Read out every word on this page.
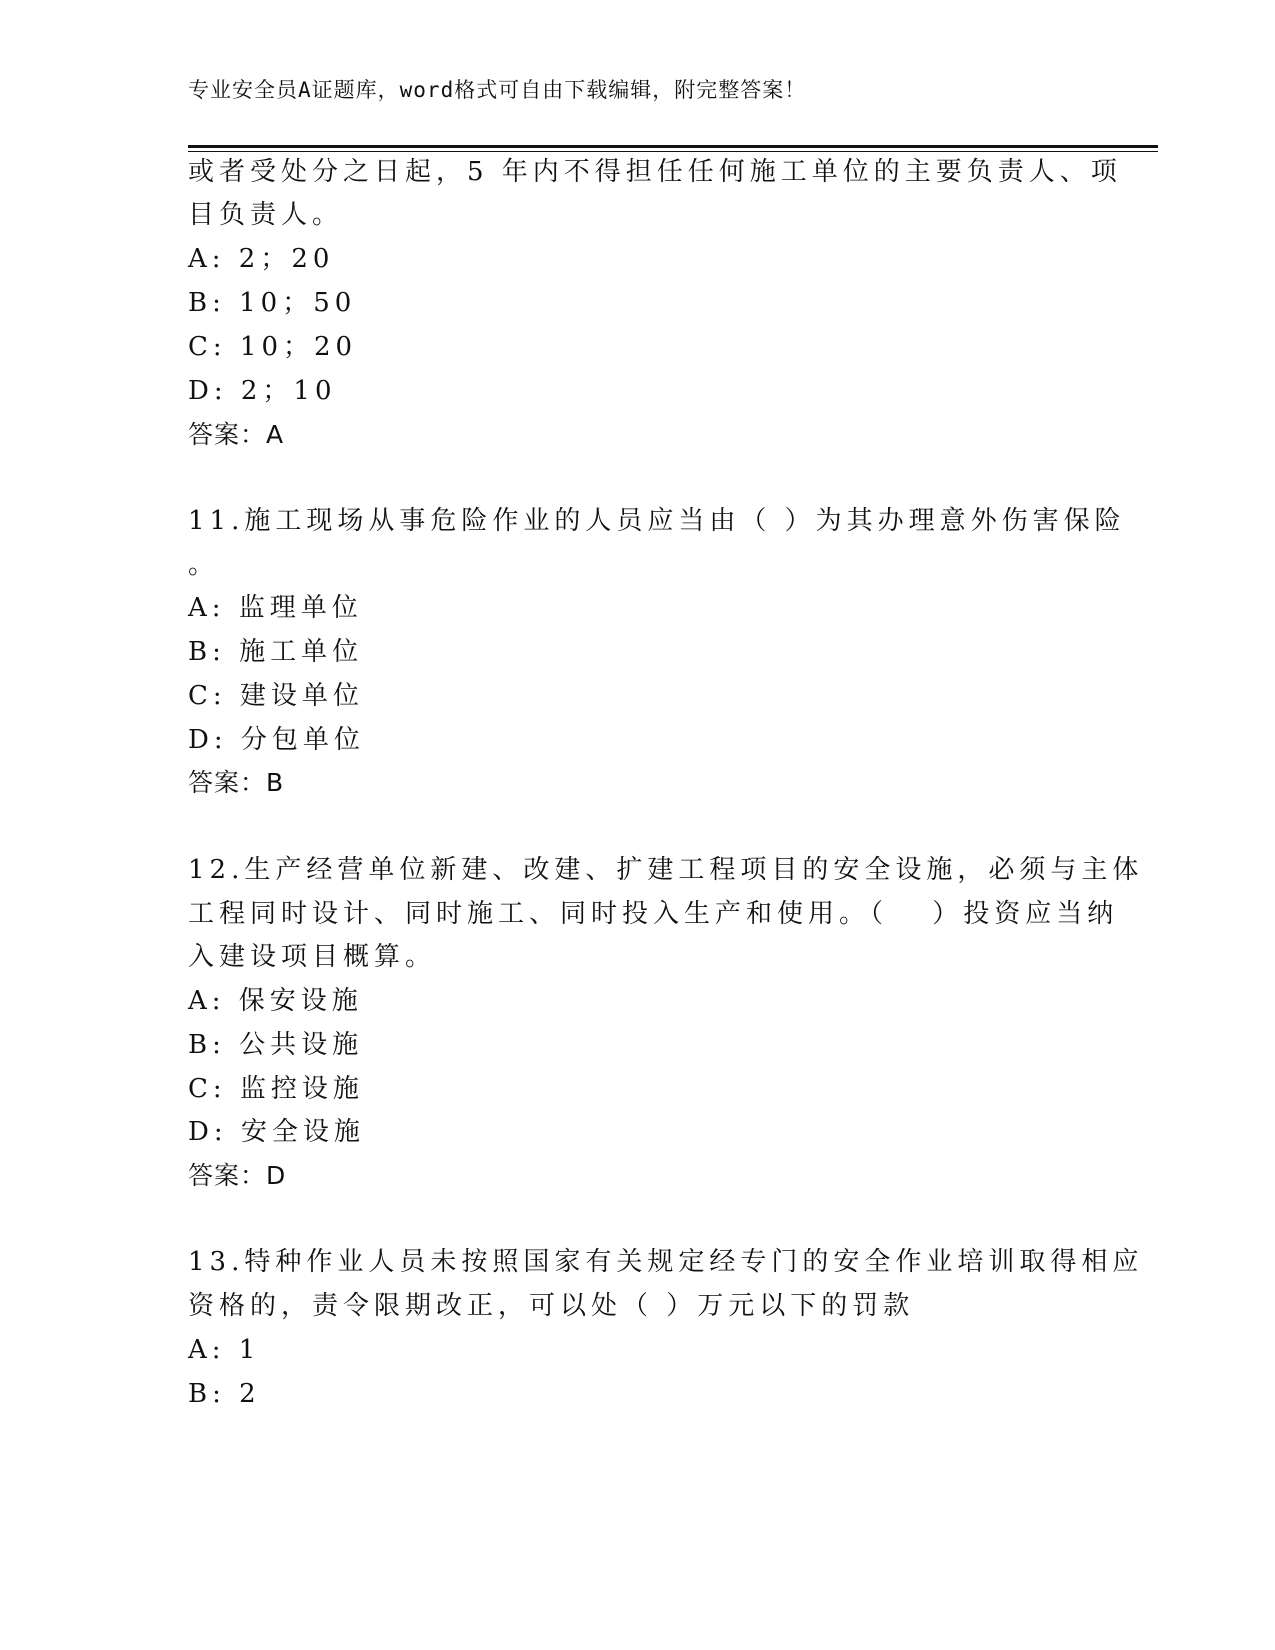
专业安全员A证题库，word格式可自由下载编辑，附完整答案！
或者受处分之日起，5 年内不得担任任何施工单位的主要负责人、项
目负责人。
A: 2；20
B: 10；50
C: 10；20
D: 2；10
答案：A
11.施工现场从事危险作业的人员应当由（ ）为其办理意外伤害保险
。
A: 监理单位
B: 施工单位
C: 建设单位
D: 分包单位
答案：B
12.生产经营单位新建、改建、扩建工程项目的安全设施，必须与主体
工程同时设计、同时施工、同时投入生产和使用。（　 ）投资应当纳
入建设项目概算。
A: 保安设施
B: 公共设施
C: 监控设施
D: 安全设施
答案：D
13.特种作业人员未按照国家有关规定经专门的安全作业培训取得相应
资格的，责令限期改正，可以处（ ）万元以下的罚款
A: 1
B: 2
